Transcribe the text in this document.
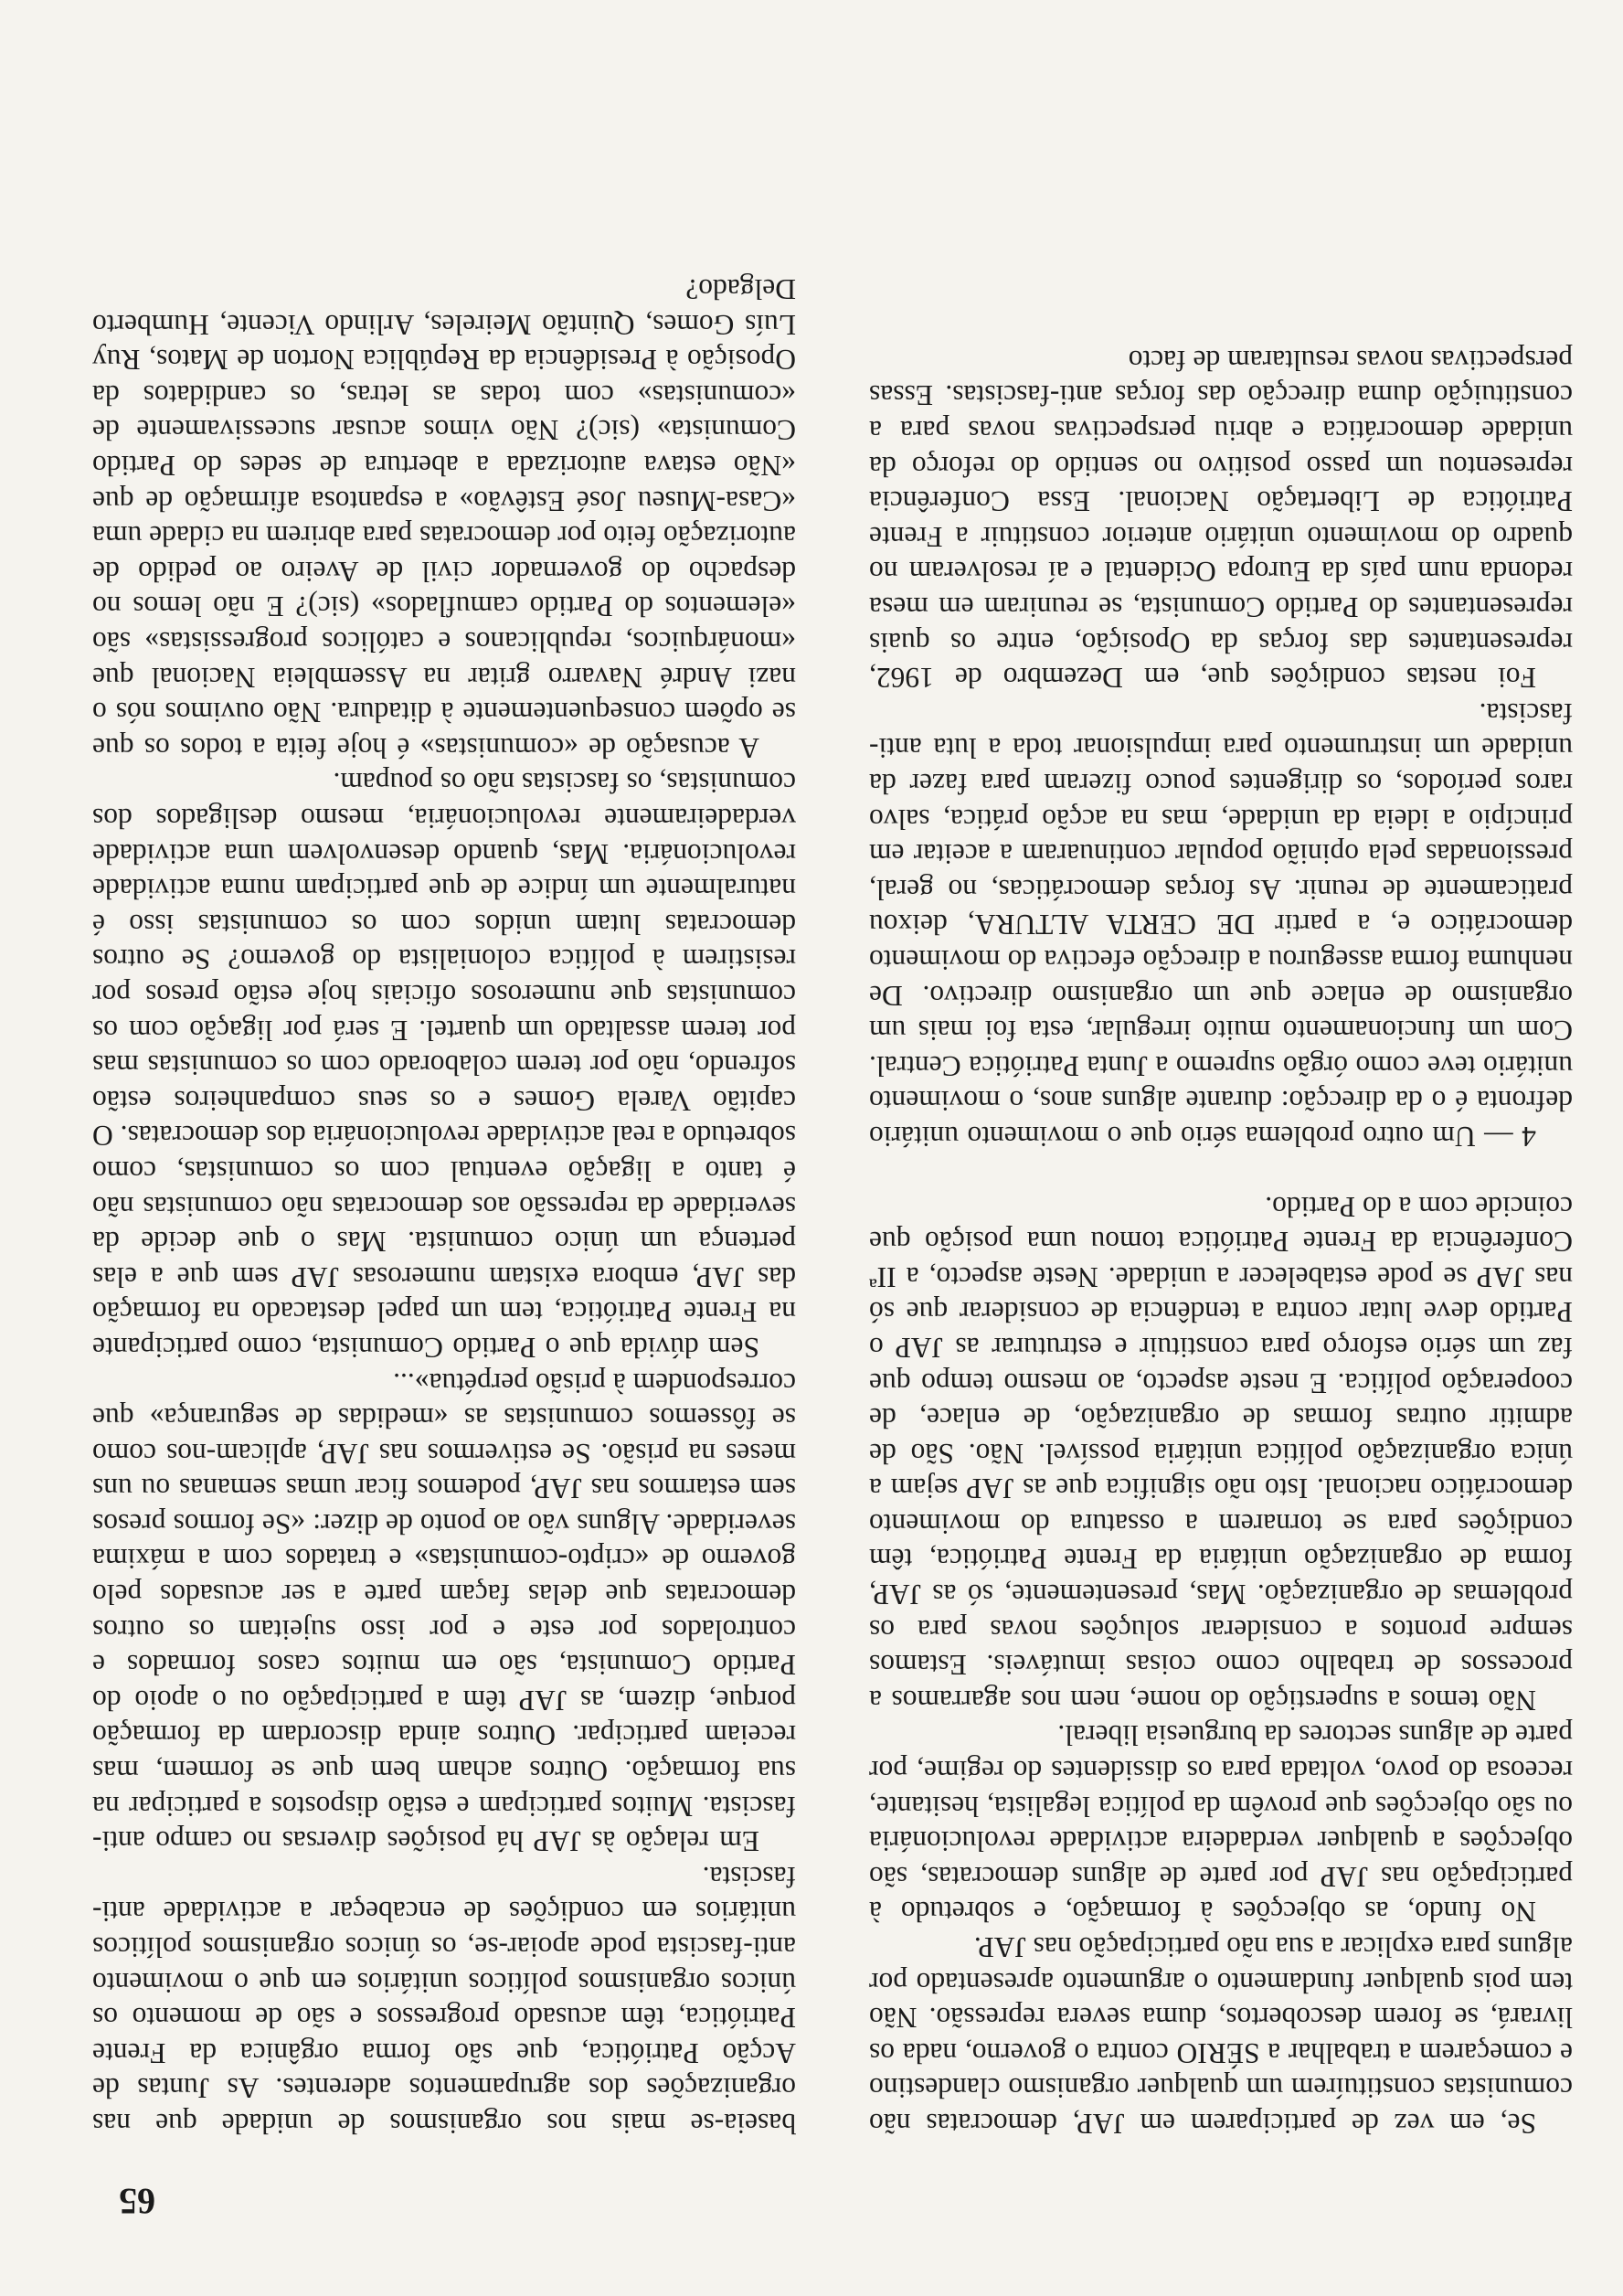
65

Se, em vez de participarem em JAP, democratas não comunistas constituírem um qualquer organismo clandestino e começarem a trabalhar a SÉRIO contra o governo, nada os livrará, se forem descobertos, duma severa repressão. Não tem pois qualquer fundamento o argumento apresentado por alguns para explicar a sua não participação nas JAP.

No fundo, as objecções à formação, e sobretudo à participação nas JAP por parte de alguns democratas, são objecções a qualquer verdadeira actividade revolucionária ou são objecções que provêm da política legalista, hesitante, receosa do povo, voltada para os dissidentes do regime, por parte de alguns sectores da burguesia liberal.

Não temos a superstição do nome, nem nos agarramos a processos de trabalho como coisas imutáveis. Estamos sempre prontos a considerar soluções novas para os problemas de organização. Mas, presentemente, só as JAP, forma de organização unitária da Frente Patriótica, têm condições para se tornarem a ossatura do movimento democrático nacional. Isto não significa que as JAP sejam a única organização política unitária possível. Não. São de admitir outras formas de organização, de enlace, de cooperação política. E neste aspecto, ao mesmo tempo que faz um sério esforço para constituir e estruturar as JAP o Partido deve lutar contra a tendência de considerar que só nas JAP se pode estabelecer a unidade. Neste aspecto, a IIª Conferência da Frente Patriótica tomou uma posição que coincide com a do Partido.

4 — Um outro problema sério que o movimento unitário defronta é o da direcção: durante alguns anos, o movimento unitário teve como órgão supremo a Junta Patriótica Central. Com um funcionamento muito irregular, esta foi mais um organismo de enlace que um organismo directivo. De nenhuma forma assegurou a direcção efectiva do movimento democrático e, a partir DE CERTA ALTURA, deixou praticamente de reunir. As forças democráticas, no geral, pressionadas pela opinião popular continuaram a aceitar em princípio a ideia da unidade, mas na acção prática, salvo raros períodos, os dirigentes pouco fizeram para fazer da unidade um instrumento para impulsionar toda a luta anti-fascista.

Foi nestas condições que, em Dezembro de 1962, representantes das forças da Oposição, entre os quais representantes do Partido Comunista, se reuniram em mesa redonda num país da Europa Ocidental e aí resolveram no quadro do movimento unitário anterior constituir a Frente Patriótica de Libertação Nacional. Essa Conferência representou um passo positivo no sentido do reforço da unidade democrática e abriu perspectivas novas para a constituição duma direcção das forças anti-fascistas. Essas perspectivas novas resultaram de facto

baseia-se mais nos organismos de unidade que nas organizações dos agrupamentos aderentes. As Juntas de Acção Patriótica, que são forma orgânica da Frente Patriótica, têm acusado progressos e são de momento os únicos organismos políticos unitários em que o movimento anti-fascista pode apoiar-se, os únicos organismos políticos unitários em condições de encabeçar a actividade anti-fascista.

Em relação às JAP há posições diversas no campo anti-fascista. Muitos participam e estão dispostos a participar na sua formação. Outros acham bem que se formem, mas receiam participar. Outros ainda discordam da formação porque, dizem, as JAP têm a participação ou o apoio do Partido Comunista, são em muitos casos formados e controlados por este e por isso sujeitam os outros democratas que delas façam parte a ser acusados pelo governo de «cripto-comunistas» e tratados com a máxima severidade. Alguns vão ao ponto de dizer: «Se formos presos sem estarmos nas JAP, podemos ficar umas semanas ou uns meses na prisão. Se estivermos nas JAP, aplicam-nos como se fôssemos comunistas as «medidas de segurança» que correspondem à prisão perpétua»...

Sem dúvida que o Partido Comunista, como participante na Frente Patriótica, tem um papel destacado na formação das JAP, embora existam numerosas JAP sem que a elas pertença um único comunista. Mas o que decide da severidade da repressão aos democratas não comunistas não é tanto a ligação eventual com os comunistas, como sobretudo a real actividade revolucionária dos democratas. O capitão Varela Gomes e os seus companheiros estão sofrendo, não por terem colaborado com os comunistas mas por terem assaltado um quartel. E será por ligação com os comunistas que numerosos oficiais hoje estão presos por resistirem à política colonialista do governo? Se outros democratas lutam unidos com os comunistas isso é naturalmente um índice de que participam numa actividade revolucionária. Mas, quando desenvolvem uma actividade verdadeiramente revolucionária, mesmo desligados dos comunistas, os fascistas não os poupam.

A acusação de «comunistas» é hoje feita a todos os que se opõem consequentemente à ditadura. Não ouvimos nós o nazi André Navarro gritar na Assembleia Nacional que «monárquicos, republicanos e católicos progressistas» são «elementos do Partido camuflados» (sic)? E não lemos no despacho do governador civil de Aveiro ao pedido de autorização feito por democratas para abrirem na cidade uma «Casa-Museu José Estêvão» a espantosa afirmação de que «Não estava autorizada a abertura de sedes do Partido Comunista» (sic)? Não vimos acusar sucessivamente de «comunistas» com todas as letras, os candidatos da Oposição à Presidência da República Norton de Matos, Ruy Luís Gomes, Quintão Meireles, Arlindo Vicente, Humberto Delgado?
